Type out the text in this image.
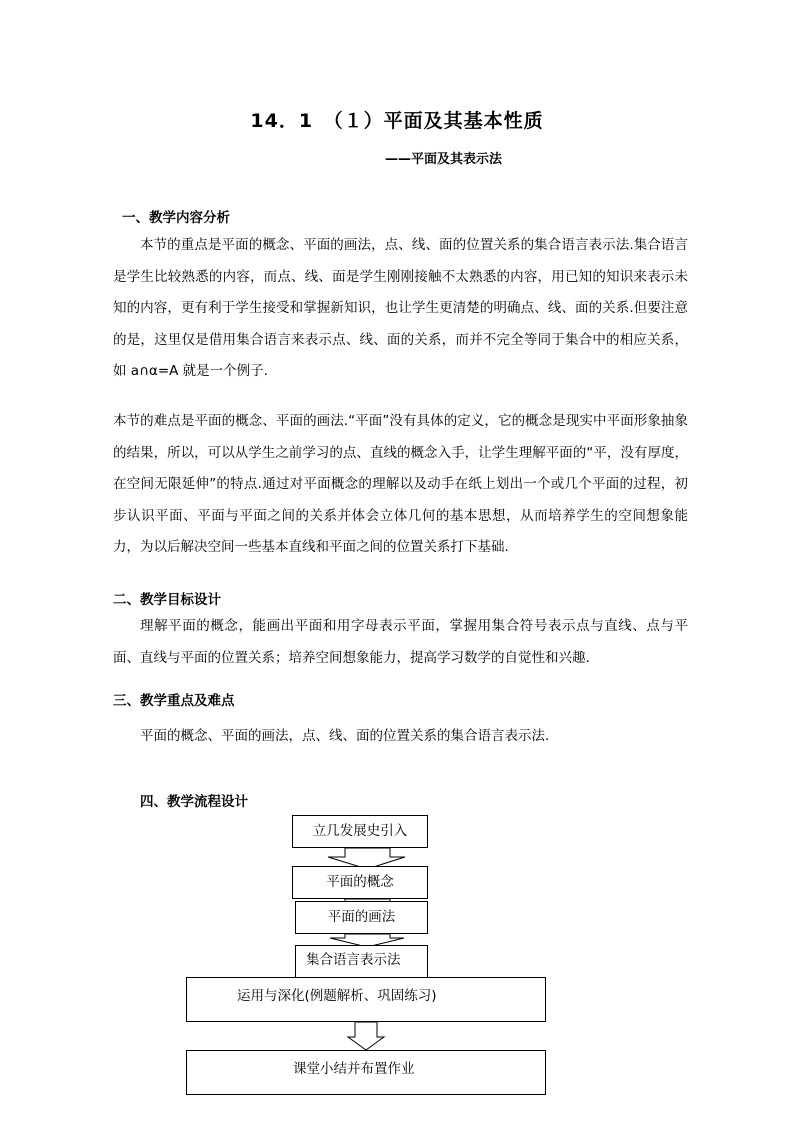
14．1　（１）平面及其基本性质
——平面及其表示法
一、教学内容分析

本节的重点是平面的概念、平面的画法，点、线、面的位置关系的集合语言表示法.集合语言是学生比较熟悉的内容，而点、线、面是学生刚刚接触不太熟悉的内容，用已知的知识来表示未知的内容，更有利于学生接受和掌握新知识，也让学生更清楚的明确点、线、面的关系.但要注意的是，这里仅是借用集合语言来表示点、线、面的关系，而并不完全等同于集合中的相应关系，如 a∩α=A 就是一个例子.

本节的难点是平面的概念、平面的画法.“平面”没有具体的定义，它的概念是现实中平面形象抽象的结果，所以，可以从学生之前学习的点、直线的概念入手，让学生理解平面的“平，没有厚度，在空间无限延伸”的特点.通过对平面概念的理解以及动手在纸上划出一个或几个平面的过程，初步认识平面、平面与平面之间的关系并体会立体几何的基本思想，从而培养学生的空间想象能力，为以后解决空间一些基本直线和平面之间的位置关系打下基础.

二、教学目标设计

理解平面的概念，能画出平面和用字母表示平面，掌握用集合符号表示点与直线、点与平面、直线与平面的位置关系；培养空间想象能力，提高学习数学的自觉性和兴趣.

三、教学重点及难点

平面的概念、平面的画法，点、线、面的位置关系的集合语言表示法.

四、教学流程设计
立几发展史引入
平面的概念
平面的画法
集合语言表示法
运用与深化(例题解析、巩固练习)
课堂小结并布置作业
